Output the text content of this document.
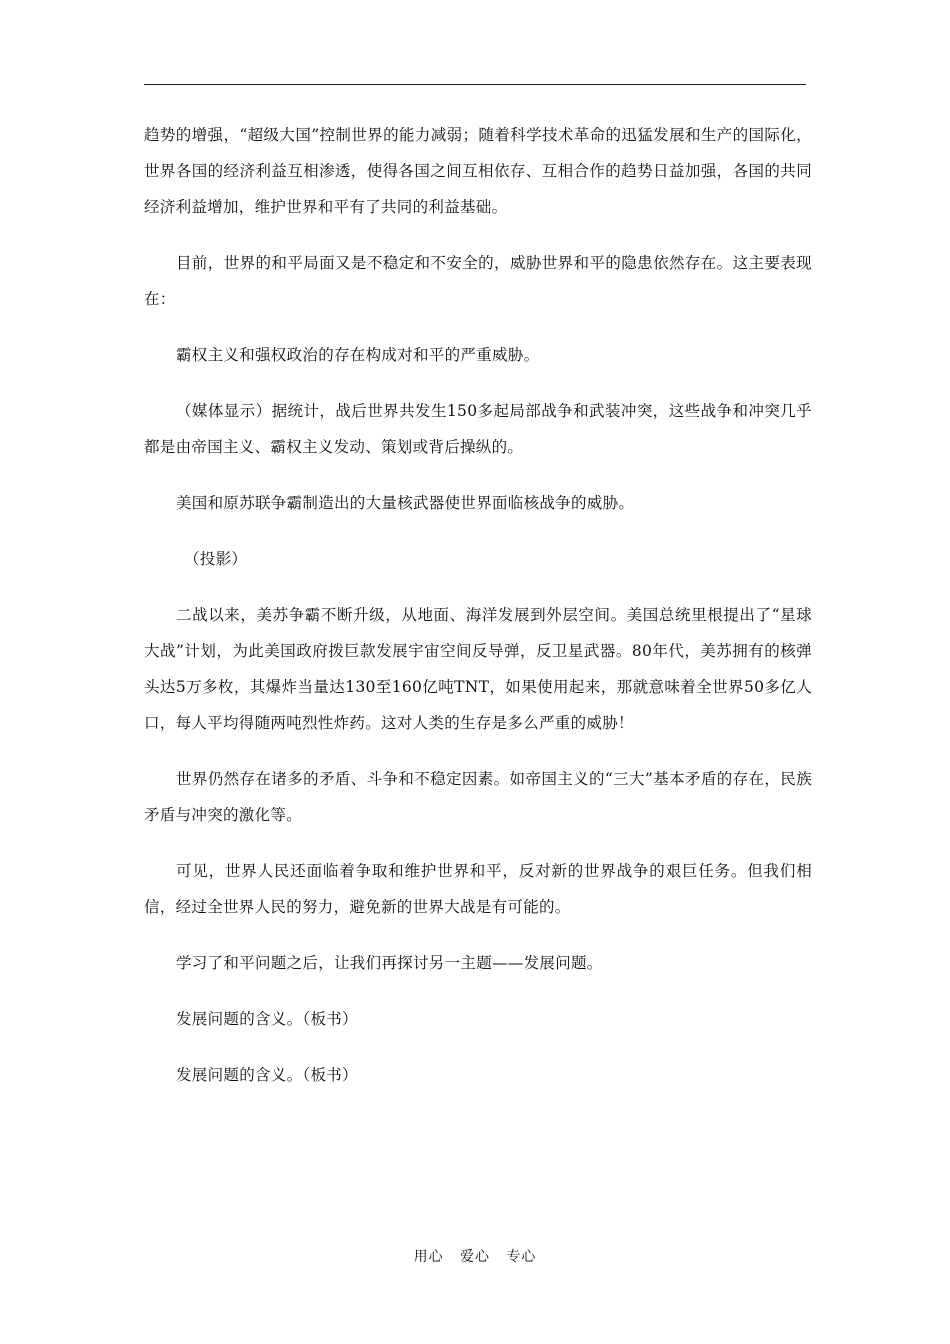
趋势的增强，“超级大国”控制世界的能力减弱；随着科学技术革命的迅猛发展和生产的国际化，世界各国的经济利益互相渗透，使得各国之间互相依存、互相合作的趋势日益加强，各国的共同经济利益增加，维护世界和平有了共同的利益基础。

目前，世界的和平局面又是不稳定和不安全的，威胁世界和平的隐患依然存在。这主要表现在：

霸权主义和强权政治的存在构成对和平的严重威胁。

（媒体显示）据统计，战后世界共发生150多起局部战争和武装冲突，这些战争和冲突几乎都是由帝国主义、霸权主义发动、策划或背后操纵的。

美国和原苏联争霸制造出的大量核武器使世界面临核战争的威胁。

（投影）

二战以来，美苏争霸不断升级，从地面、海洋发展到外层空间。美国总统里根提出了“星球大战”计划，为此美国政府拨巨款发展宇宙空间反导弹，反卫星武器。80年代，美苏拥有的核弹头达5万多枚，其爆炸当量达130至160亿吨TNT，如果使用起来，那就意味着全世界50多亿人口，每人平均得随两吨烈性炸药。这对人类的生存是多么严重的威胁！

世界仍然存在诸多的矛盾、斗争和不稳定因素。如帝国主义的“三大”基本矛盾的存在，民族矛盾与冲突的激化等。

可见，世界人民还面临着争取和维护世界和平，反对新的世界战争的艰巨任务。但我们相信，经过全世界人民的努力，避免新的世界大战是有可能的。

学习了和平问题之后，让我们再探讨另一主题——发展问题。

发展问题的含义。（板书）

发展问题的含义。（板书）

用心   爱心   专心
